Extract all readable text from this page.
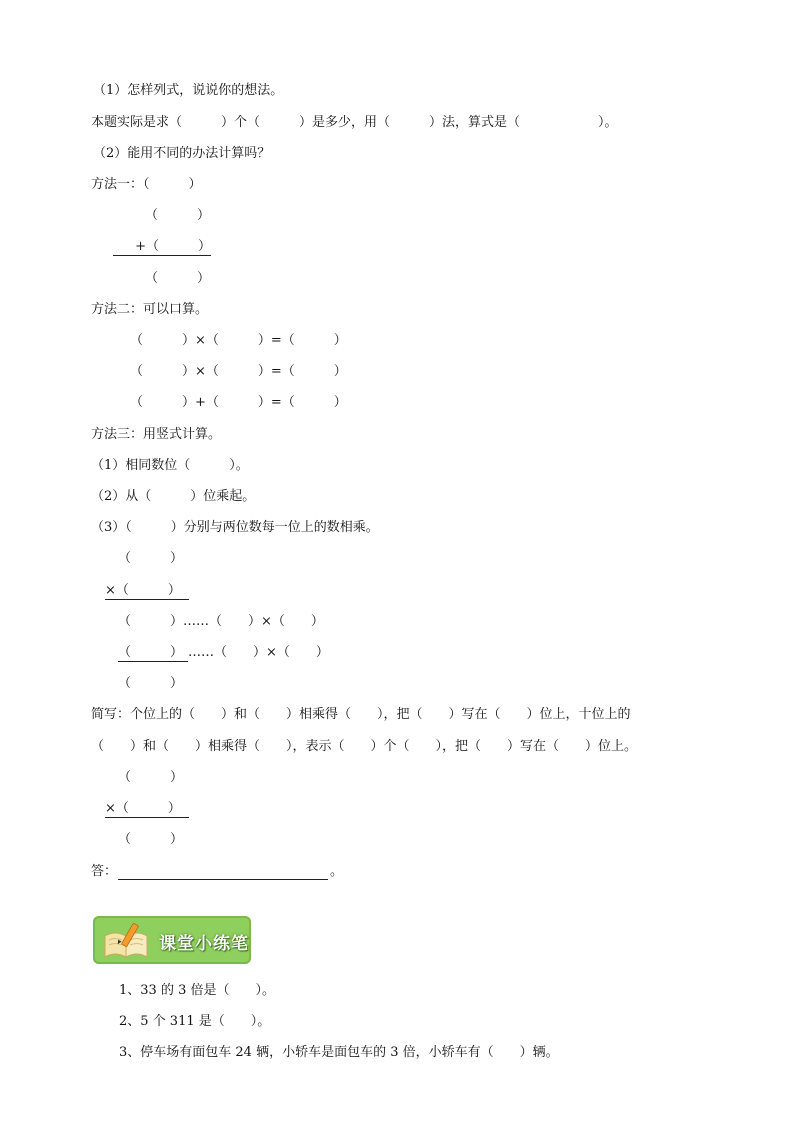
（1）怎样列式，说说你的想法。
本题实际是求（　　　）个（　　　）是多少，用（　　　）法，算式是（　　　　　　）。
（2）能用不同的办法计算吗？
方法一：（　　　）
（　　　）
+（　　　）
（　　　）
方法二：可以口算。
（　　　）×（　　　）=（　　　）
（　　　）×（　　　）=（　　　）
（　　　）+（　　　）=（　　　）
方法三：用竖式计算。
（1）相同数位（　　　）。
（2）从（　　　）位乘起。
（3）（　　　）分别与两位数每一位上的数相乘。
（　　　）
×（　　　）
（　　　）……（　　）×（　　）
（　　　） ……（　　）×（　　）
（　　　）
简写：个位上的（　　）和（　　）相乘得（　　），把（　　）写在（　　）位上，十位上的
（　　）和（　　）相乘得（　　），表示（　　）个（　　），把（　　）写在（　　）位上。
（　　　）
×（　　　）
（　　　）
答：	。
课堂小练笔
1、33 的 3 倍是（　　）。
2、5 个 311 是（　　）。
3、停车场有面包车 24 辆，小轿车是面包车的 3 倍，小轿车有（　　）辆。
